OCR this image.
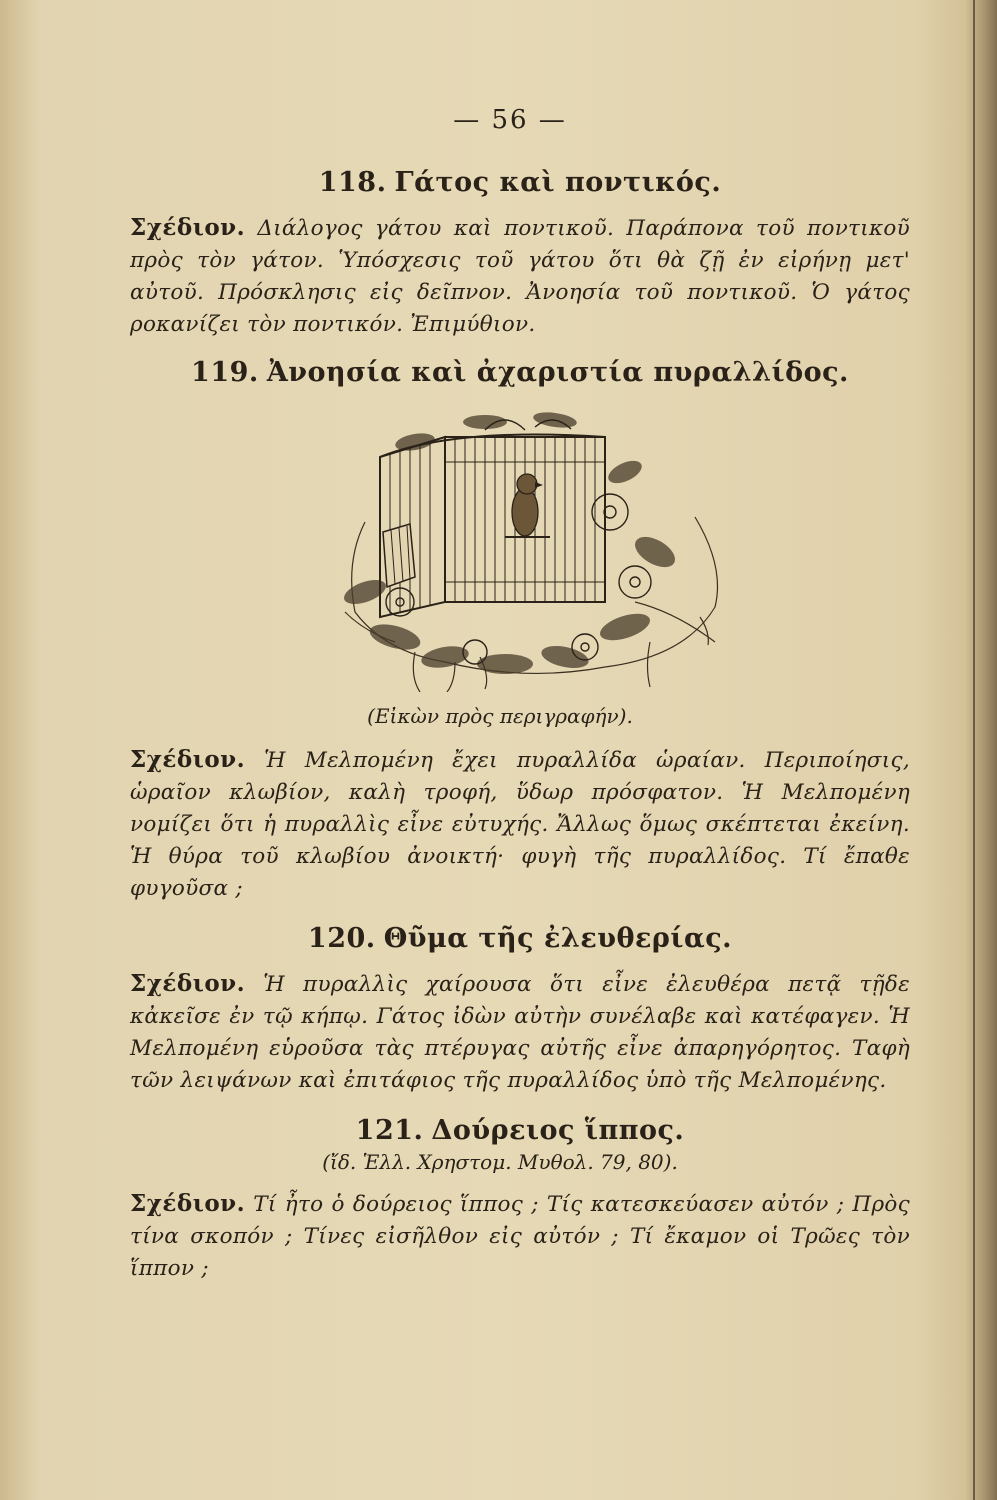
— 56 —
118. Γάτος καὶ ποντικός.

Σχέδιον. Διάλογος γάτου καὶ ποντικοῦ. Παράπονα τοῦ ποντικοῦ πρὸς τὸν γάτον. Ὑπόσχεσις τοῦ γάτου ὅτι θὰ ζῇ ἐν εἰρήνῃ μετ' αὐτοῦ. Πρόσκλησις εἰς δεῖπνον. Ἀνοησία τοῦ ποντικοῦ. Ὁ γάτος ροκανίζει τὸν ποντικόν. Ἐπιμύθιον.

119. Ἀνοησία καὶ ἀχαριστία πυραλλίδος.
(Εἰκὼν πρὸς περιγραφήν).

Σχέδιον. Ἡ Μελπομένη ἔχει πυραλλίδα ὡραίαν. Περιποίησις, ὡραῖον κλωβίον, καλὴ τροφή, ὕδωρ πρόσφατον. Ἡ Μελπομένη νομίζει ὅτι ἡ πυραλλὶς εἶνε εὐτυχής. Ἄλλως ὅμως σκέπτεται ἐκείνη. Ἡ θύρα τοῦ κλωβίου ἀνοικτή· φυγὴ τῆς πυραλλίδος. Τί ἔπαθε φυγοῦσα ;

120. Θῦμα τῆς ἐλευθερίας.

Σχέδιον. Ἡ πυραλλὶς χαίρουσα ὅτι εἶνε ἐλευθέρα πετᾷ τῇδε κἀκεῖσε ἐν τῷ κήπῳ. Γάτος ἰδὼν αὐτὴν συνέλαβε καὶ κατέφαγεν. Ἡ Μελπομένη εὑροῦσα τὰς πτέρυγας αὐτῆς εἶνε ἀπαρηγόρητος. Ταφὴ τῶν λειψάνων καὶ ἐπιτάφιος τῆς πυραλλίδος ὑπὸ τῆς Μελπομένης.

121. Δούρειος ἵππος.
(ἴδ. Ἑλλ. Χρηστομ. Μυθολ. 79, 80).

Σχέδιον. Τί ἦτο ὁ δούρειος ἵππος ; Τίς κατεσκεύασεν αὐτόν ; Πρὸς τίνα σκοπόν ; Τίνες εἰσῆλθον εἰς αὐτόν ; Τί ἔκαμον οἱ Τρῶες τὸν ἵππον ;
